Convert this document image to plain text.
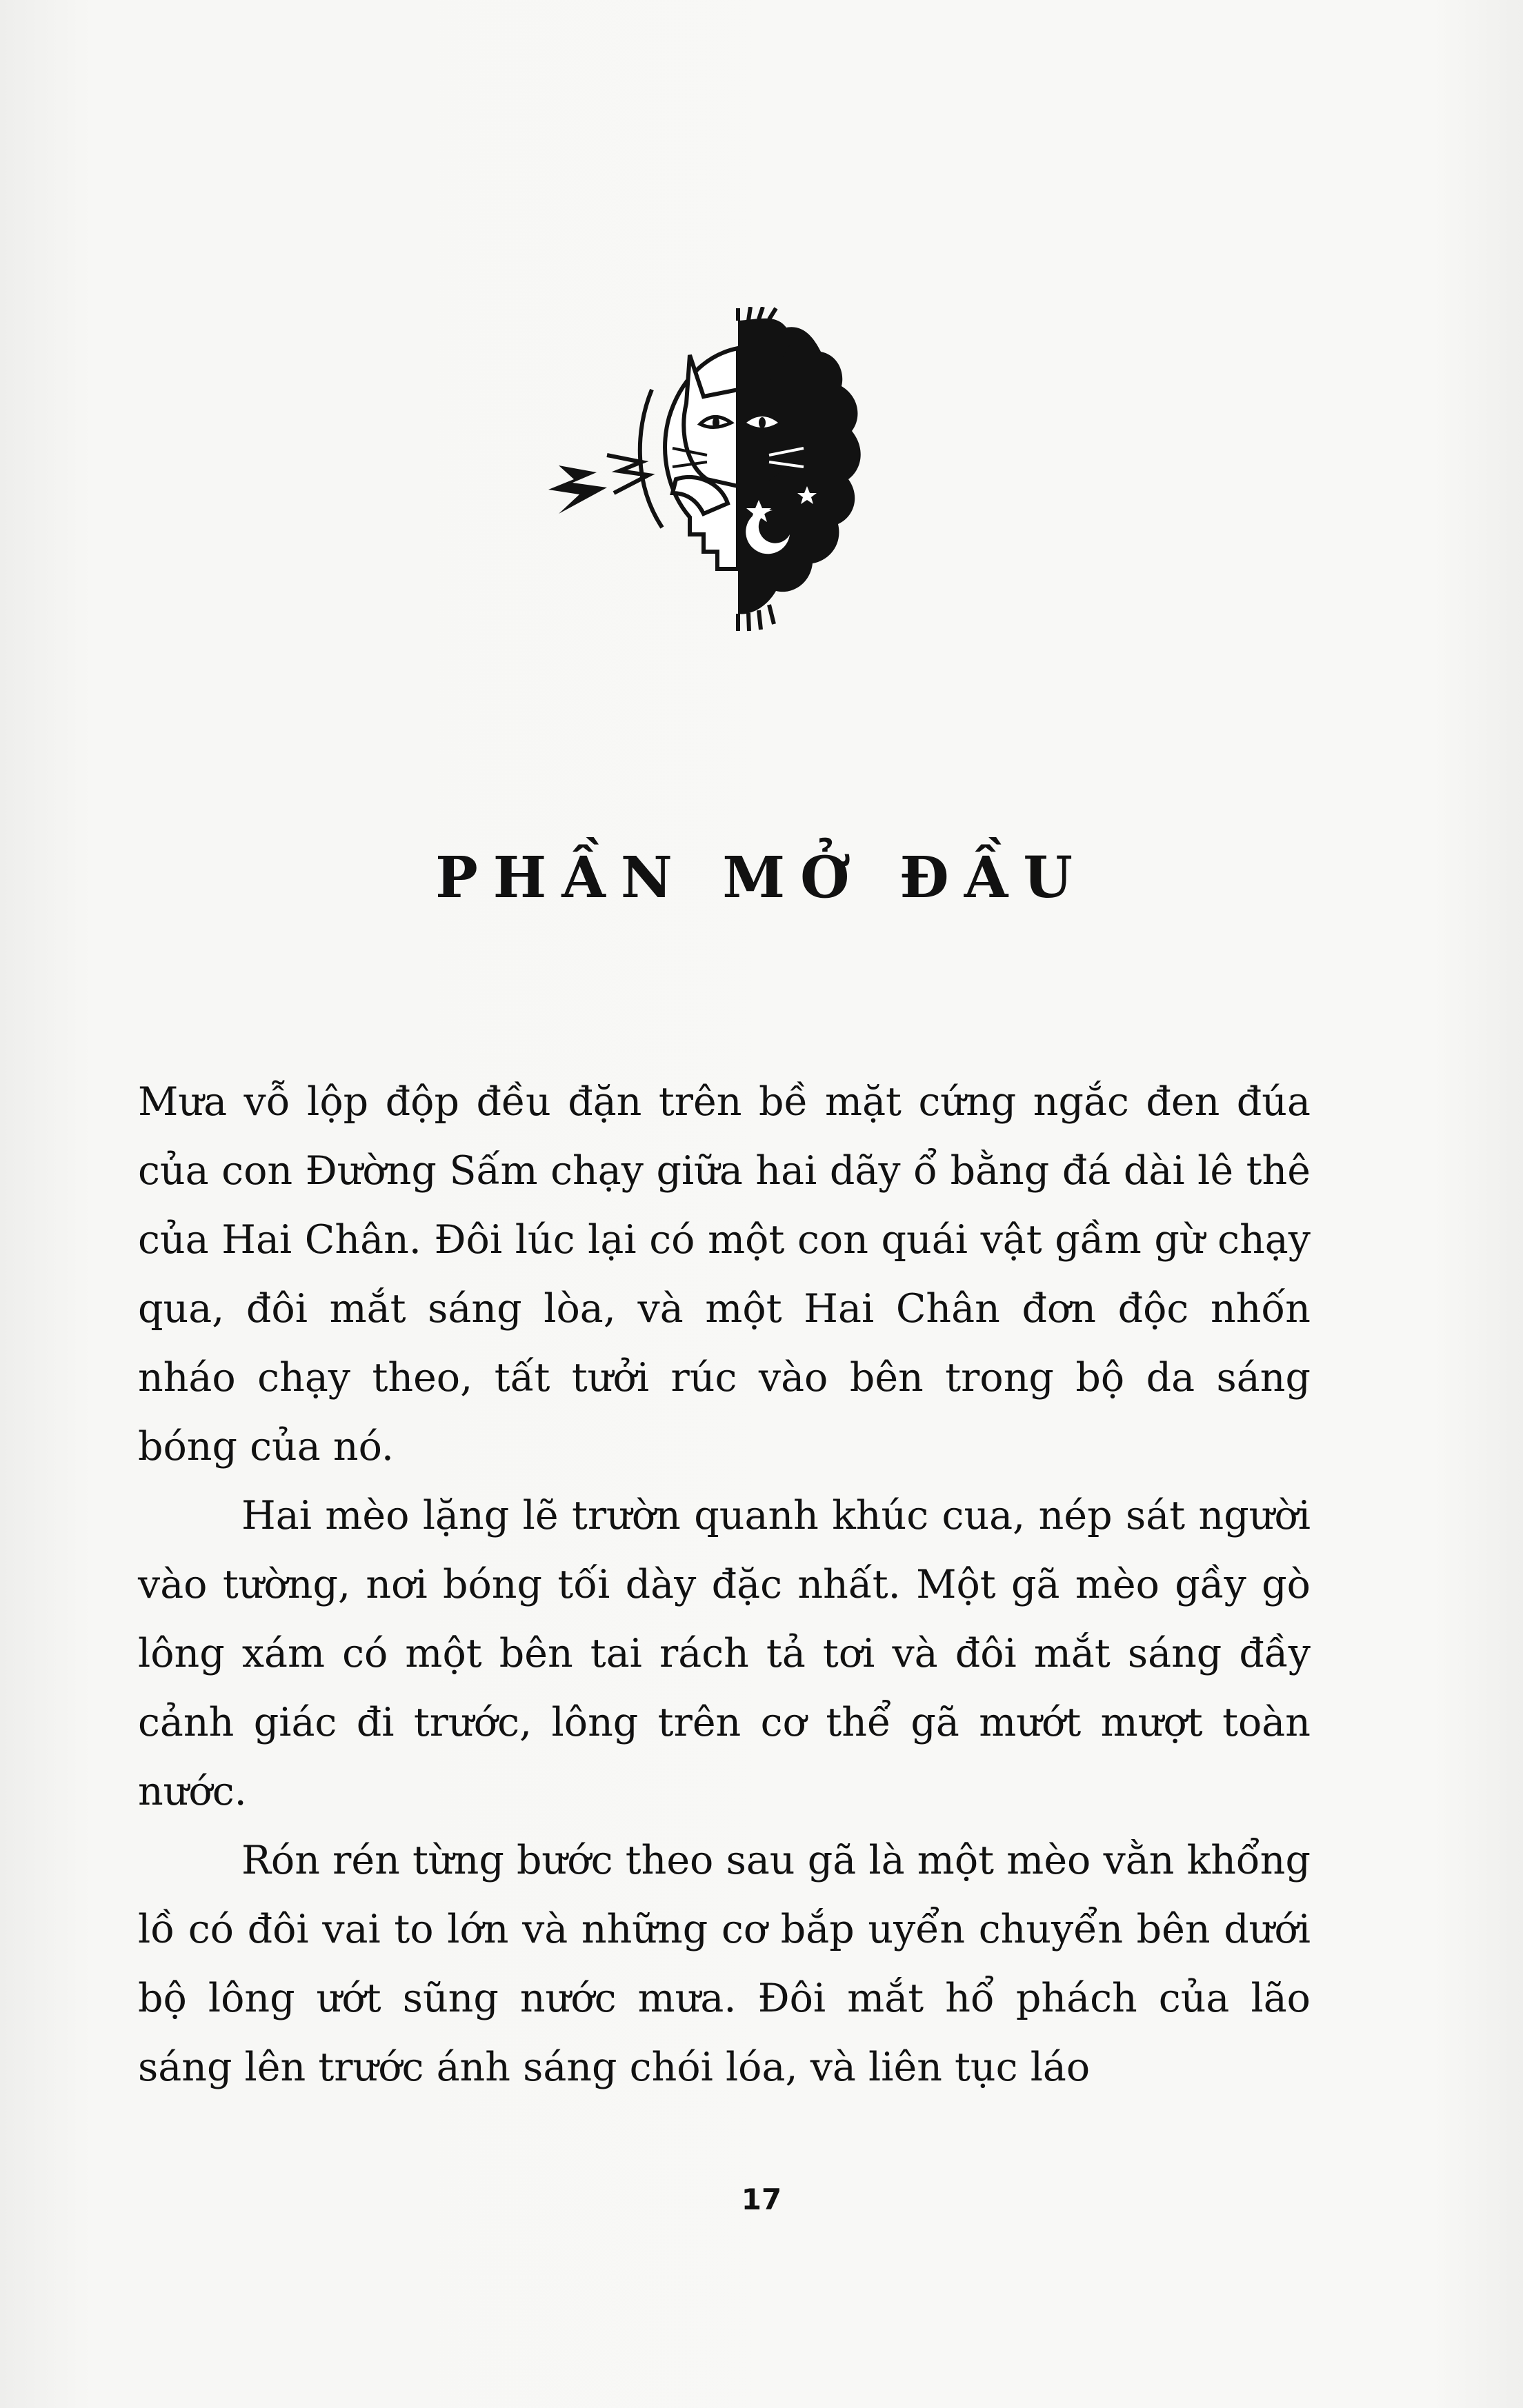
PHẦN MỞ ĐẦU

Mưa vỗ lộp độp đều đặn trên bề mặt cứng ngắc đen đúa của con Đường Sấm chạy giữa hai dãy ổ bằng đá dài lê thê của Hai Chân. Đôi lúc lại có một con quái vật gầm gừ chạy qua, đôi mắt sáng lòa, và một Hai Chân đơn độc nhốn nháo chạy theo, tất tưởi rúc vào bên trong bộ da sáng bóng của nó.

Hai mèo lặng lẽ trườn quanh khúc cua, nép sát người vào tường, nơi bóng tối dày đặc nhất. Một gã mèo gầy gò lông xám có một bên tai rách tả tơi và đôi mắt sáng đầy cảnh giác đi trước, lông trên cơ thể gã mướt mượt toàn nước.

Rón rén từng bước theo sau gã là một mèo vằn khổng lồ có đôi vai to lớn và những cơ bắp uyển chuyển bên dưới bộ lông ướt sũng nước mưa. Đôi mắt hổ phách của lão sáng lên trước ánh sáng chói lóa, và liên tục láo

17
